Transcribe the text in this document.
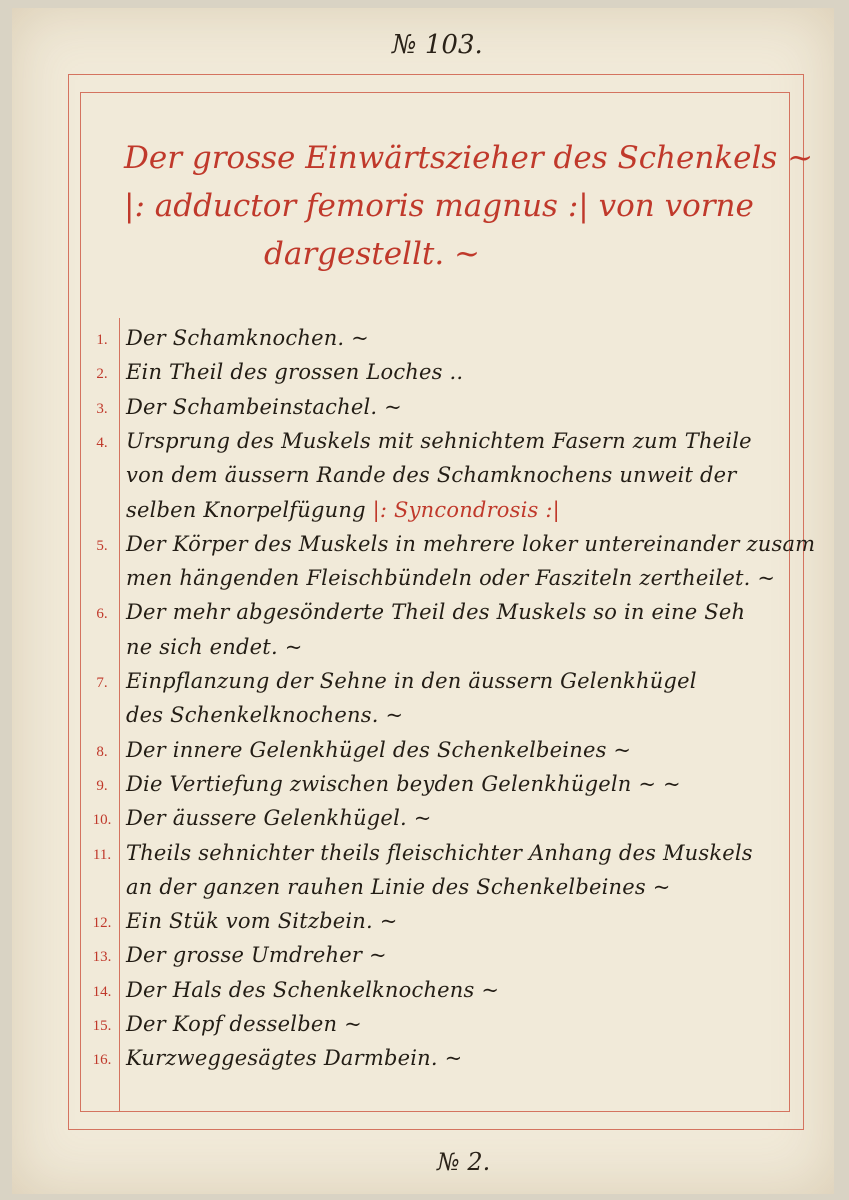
№ 103.
Der grosse Einwärtszieher des Schenkels ~
|: adductor femoris magnus :| von vorne
dargestellt. ~
1. Der Schamknochen. ~
2. Ein Theil des grossen Loches ..
3. Der Schambeinstachel. ~
4. Ursprung des Muskels mit sehnichtem Fasern zum Theile
von dem äussern Rande des Schamknochens unweit der
selben Knorpelfügung |: Syncondrosis :|
5. Der Körper des Muskels in mehrere loker untereinander zusam
men hängenden Fleischbündeln oder Fasziteln zertheilet. ~
6. Der mehr abgesönderte Theil des Muskels so in eine Seh
ne sich endet. ~
7. Einpflanzung der Sehne in den äussern Gelenkhügel
des Schenkelknochens. ~
8. Der innere Gelenkhügel des Schenkelbeines ~
9. Die Vertiefung zwischen beyden Gelenkhügeln ~ ~
10. Der äussere Gelenkhügel. ~
11. Theils sehnichter theils fleischichter Anhang des Muskels
an der ganzen rauhen Linie des Schenkelbeines ~
12. Ein Stük vom Sitzbein. ~
13. Der grosse Umdreher ~
14. Der Hals des Schenkelknochens ~
15. Der Kopf desselben ~
16. Kurzweggesägtes Darmbein. ~
№ 2.
